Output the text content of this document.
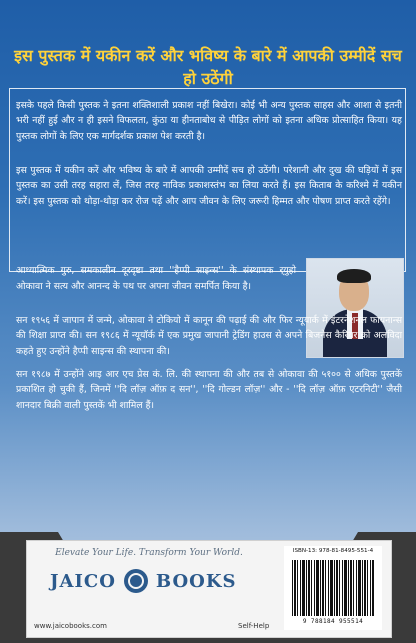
इस पुस्तक में यकीन करें और भविष्य के बारे में आपकी उम्मीदें सच हो उठेंगी
इसके पहले किसी पुस्तक ने इतना शक्तिशाली प्रकाश नहीं बिखेरा। कोई भी अन्य पुस्तक साहस और आशा से इतनी भरी नहीं हुई और न ही इसने विफलता, कुंठा या हीनताबोध से पीड़ित लोगों को इतना अधिक प्रोत्साहित किया। यह पुस्तक लोगों के लिए एक मार्गदर्शक प्रकाश पेश करती है।
इस पुस्तक में यकीन करें और भविष्य के बारे में आपकी उम्मीदें सच हो उठेंगी। परेशानी और दुख की घड़ियों में इस पुस्तक का उसी तरह सहारा लें, जिस तरह नाविक प्रकाशस्तंभ का लिया करते हैं। इस किताब के करिश्मे में यकीन करें। इस पुस्तक को थोड़ा-थोड़ा कर रोज पढ़ें और आप जीवन के लिए जरूरी हिम्मत और पोषण प्राप्त करते रहेंगे।
आध्यात्मिक गुरु, समकालीन दूरदृष्टा तथा ''हैप्पी साइन्स'' के संस्थापक र्‌युहो ओकावा ने सत्य और आनन्द के पथ पर अपना जीवन समर्पित किया है।
सन १९५६ में जापान में जन्मे, ओकावा ने टोकियो में कानून की पढ़ाई की और फिर न्यूयार्क में इंटरनेशनल फायनान्स की शिक्षा प्राप्त की। सन १९८६ में न्यूयॉर्क में एक प्रमुख जापानी ट्रेडिंग हाउस से अपने बिजनेस कैरियर को अलविदा कहते हुए उन्होंने हैप्पी साइन्स की स्थापना की।
सन १९८७ में उन्होंने आइ आर एच प्रेस कं. लि. की स्थापना की और तब से ओकावा की ५१०० से अधिक पुस्तकें प्रकाशित हो चुकी हैं, जिनमें ''दि लॉज़ ऑफ़ द सन'', ''दि गोल्डन लॉज़'' और - ''दि लॉज़ ऑफ़ एटरनिटी'' जैसी शानदार बिक्री वाली पुस्तकें भी शामिल हैं।
Elevate Your Life. Transform Your World.
JAICO BOOKS
www.jaicobooks.com	Self-Help
ISBN-13: 978-81-8495-551-4
9 788184 955514
